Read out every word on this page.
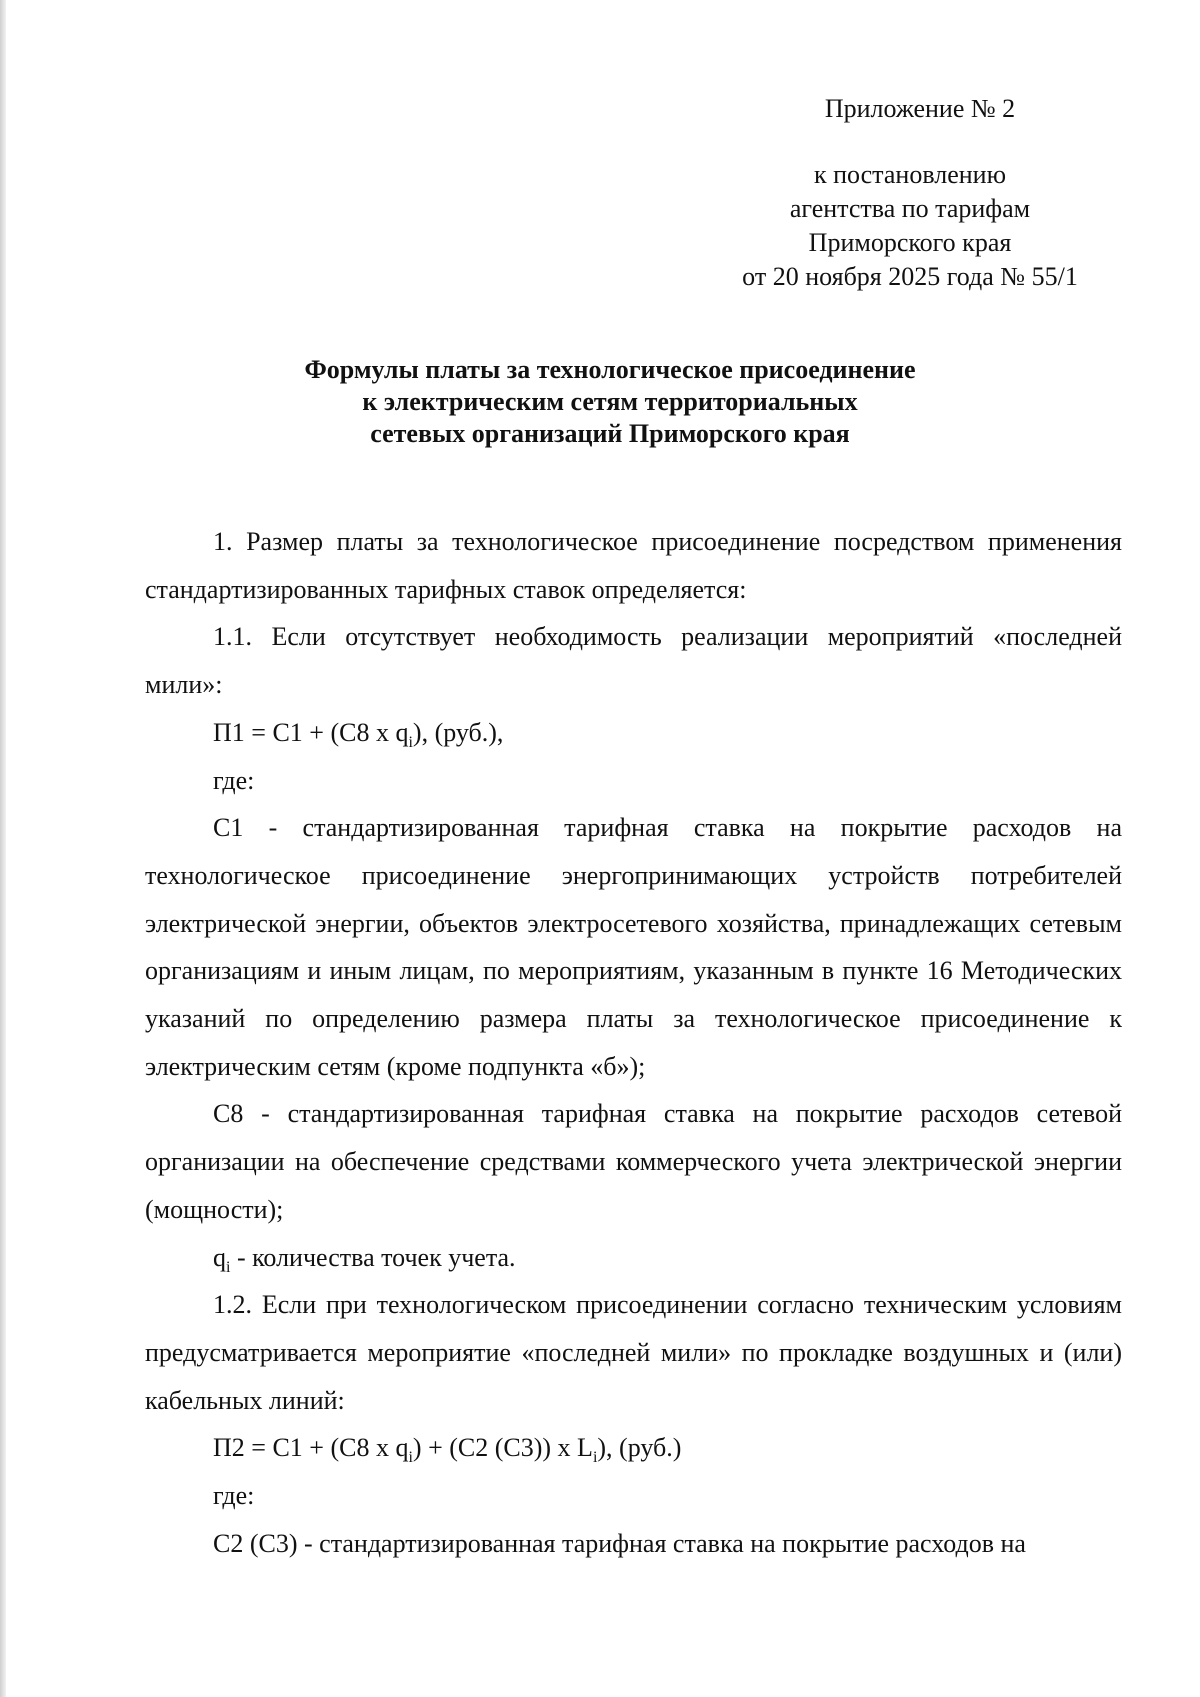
Приложение № 2
к постановлению
агентства по тарифам
Приморского края
от 20 ноября 2025 года № 55/1
Формулы платы за технологическое присоединение
к электрическим сетям территориальных
сетевых организаций Приморского края

1. Размер платы за технологическое присоединение посредством применения стандартизированных тарифных ставок определяется:

1.1. Если отсутствует необходимость реализации мероприятий «последней мили»:

П1 = С1 + (С8 х $q_i$), (руб.),

где:

С1 - стандартизированная тарифная ставка на покрытие расходов на технологическое присоединение энергопринимающих устройств потребителей электрической энергии, объектов электросетевого хозяйства, принадлежащих сетевым организациям и иным лицам, по мероприятиям, указанным в пункте 16 Методических указаний по определению размера платы за технологическое присоединение к электрическим сетям (кроме подпункта «б»);

С8 - стандартизированная тарифная ставка на покрытие расходов сетевой организации на обеспечение средствами коммерческого учета электрической энергии (мощности);

$q_i$ - количества точек учета.

1.2. Если при технологическом присоединении согласно техническим условиям предусматривается мероприятие «последней мили» по прокладке воздушных и (или) кабельных линий:

П2 = С1 + (С8 х $q_i) + (С2$ (С3)) х $L_i$), (руб.)

где:

С2 (С3) - стандартизированная тарифная ставка на покрытие расходов на
